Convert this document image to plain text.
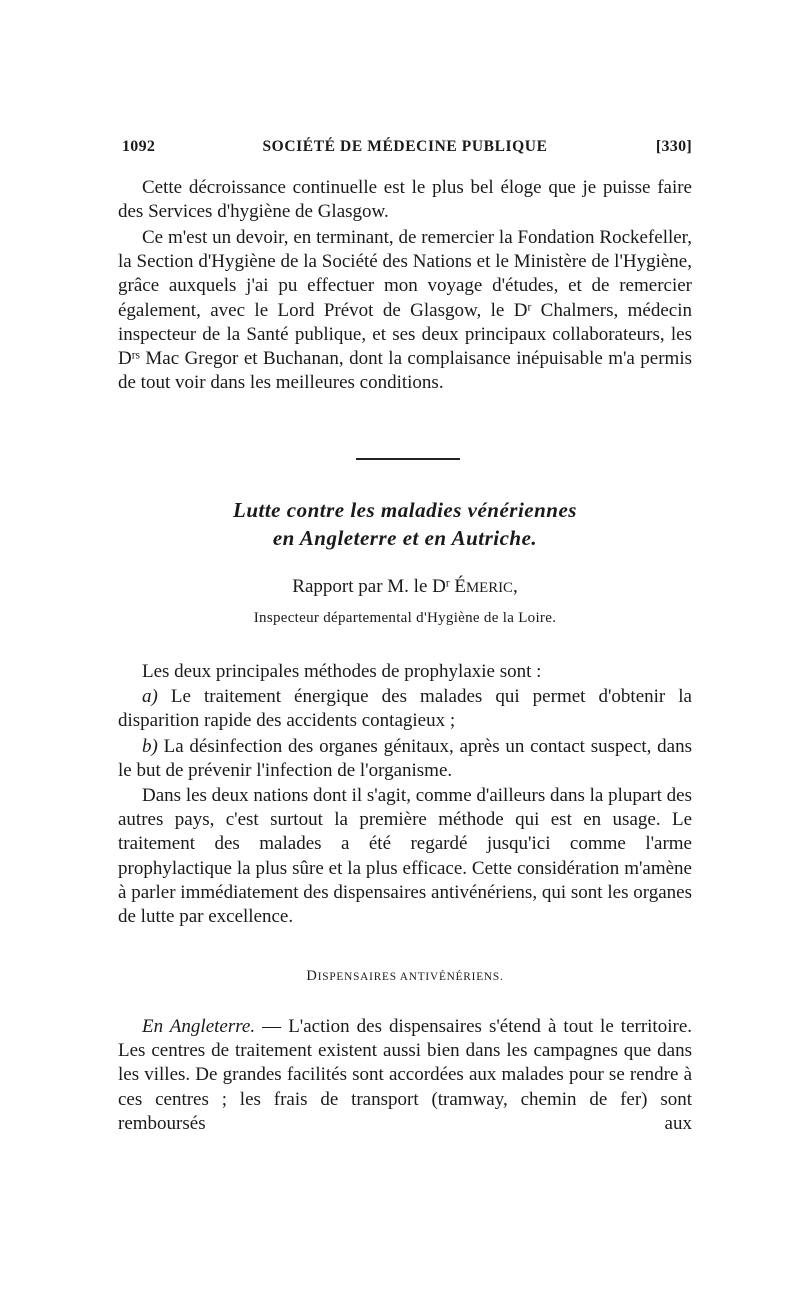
1092	SOCIÉTÉ DE MÉDECINE PUBLIQUE	[330]
Cette décroissance continuelle est le plus bel éloge que je puisse faire des Services d'hygiène de Glasgow.
Ce m'est un devoir, en terminant, de remercier la Fondation Rockefeller, la Section d'Hygiène de la Société des Nations et le Ministère de l'Hygiène, grâce auxquels j'ai pu effectuer mon voyage d'études, et de remercier également, avec le Lord Prévot de Glasgow, le $D^r$ Chalmers, médecin inspecteur de la Santé publique, et ses deux principaux collaborateurs, les $D^{rs}$ Mac Gregor et Buchanan, dont la complaisance inépuisable m'a permis de tout voir dans les meilleures conditions.
Lutte contre les maladies vénériennes
en Angleterre et en Autriche.
Rapport par M. le $D^r$ ÉMERIC,
Inspecteur départemental d'Hygiène de la Loire.
Les deux principales méthodes de prophylaxie sont :
a) Le traitement énergique des malades qui permet d'obtenir la disparition rapide des accidents contagieux ;
b) La désinfection des organes génitaux, après un contact suspect, dans le but de prévenir l'infection de l'organisme.
Dans les deux nations dont il s'agit, comme d'ailleurs dans la plupart des autres pays, c'est surtout la première méthode qui est en usage. Le traitement des malades a été regardé jusqu'ici comme l'arme prophylactique la plus sûre et la plus efficace. Cette considération m'amène à parler immédiatement des dispensaires antivénériens, qui sont les organes de lutte par excellence.
DISPENSAIRES ANTIVÉNÉRIENS.
En Angleterre. — L'action des dispensaires s'étend à tout le territoire. Les centres de traitement existent aussi bien dans les campagnes que dans les villes. De grandes facilités sont accordées aux malades pour se rendre à ces centres ; les frais de transport (tramway, chemin de fer) sont remboursés aux
